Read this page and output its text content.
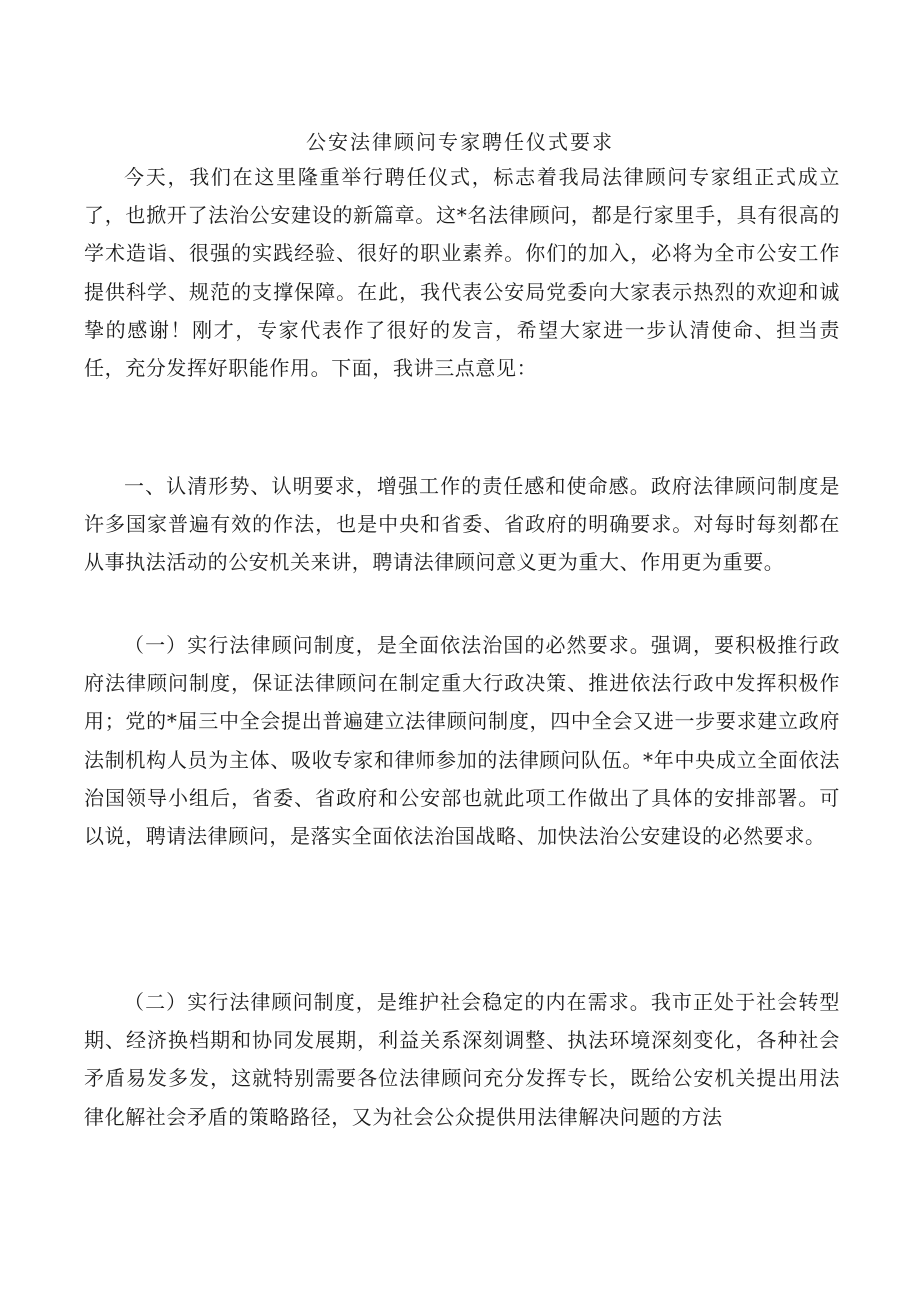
公安法律顾问专家聘任仪式要求

今天，我们在这里隆重举行聘任仪式，标志着我局法律顾问专家组正式成立了，也掀开了法治公安建设的新篇章。这*名法律顾问，都是行家里手，具有很高的学术造诣、很强的实践经验、很好的职业素养。你们的加入，必将为全市公安工作提供科学、规范的支撑保障。在此，我代表公安局党委向大家表示热烈的欢迎和诚挚的感谢！刚才，专家代表作了很好的发言，希望大家进一步认清使命、担当责任，充分发挥好职能作用。下面，我讲三点意见：

一、认清形势、认明要求，增强工作的责任感和使命感。政府法律顾问制度是许多国家普遍有效的作法，也是中央和省委、省政府的明确要求。对每时每刻都在从事执法活动的公安机关来讲，聘请法律顾问意义更为重大、作用更为重要。

（一）实行法律顾问制度，是全面依法治国的必然要求。强调，要积极推行政府法律顾问制度，保证法律顾问在制定重大行政决策、推进依法行政中发挥积极作用；党的*届三中全会提出普遍建立法律顾问制度，四中全会又进一步要求建立政府法制机构人员为主体、吸收专家和律师参加的法律顾问队伍。*年中央成立全面依法治国领导小组后，省委、省政府和公安部也就此项工作做出了具体的安排部署。可以说，聘请法律顾问，是落实全面依法治国战略、加快法治公安建设的必然要求。

（二）实行法律顾问制度，是维护社会稳定的内在需求。我市正处于社会转型期、经济换档期和协同发展期，利益关系深刻调整、执法环境深刻变化，各种社会矛盾易发多发，这就特别需要各位法律顾问充分发挥专长，既给公安机关提出用法律化解社会矛盾的策略路径，又为社会公众提供用法律解决问题的方法
